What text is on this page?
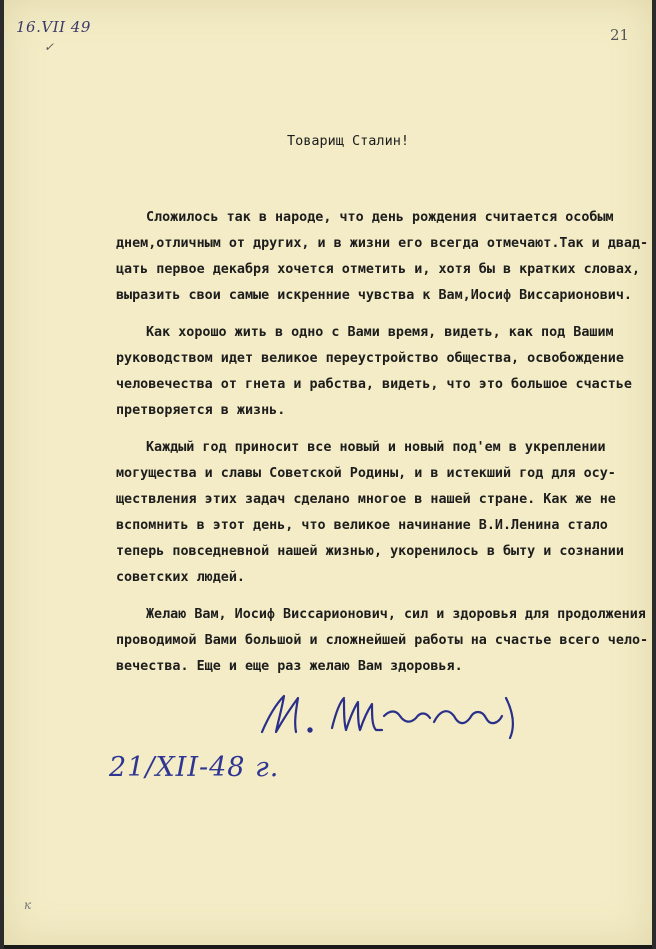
16.VII 49
✓
21
Товарищ Сталин!
Сложилось так в народе, что день рождения считается особым
днем,отличным от других, и в жизни его всегда отмечают.Так и двад-
цать первое декабря хочется отметить и, хотя бы в кратких словах,
выразить свои самые искренние чувства к Вам,Иосиф Виссарионович.
Как хорошо жить в одно с Вами время, видеть, как под Вашим
руководством идет великое переустройство общества, освобождение
человечества от гнета и рабства, видеть, что это большое счастье
претворяется в жизнь.
Каждый год приносит все новый и новый под'ем в укреплении
могущества и славы Советской Родины, и в истекший год для осу-
ществления этих задач сделано многое в нашей стране. Как же не
вспомнить в этот день, что великое начинание В.И.Ленина стало
теперь повседневной нашей жизнью, укоренилось в быту и сознании
советских людей.
Желаю Вам, Иосиф Виссарионович, сил и здоровья для продолжения
проводимой Вами большой и сложнейшей работы на счастье всего чело-
вечества. Еще и еще раз желаю Вам здоровья.
21/XII-48 г.
к
